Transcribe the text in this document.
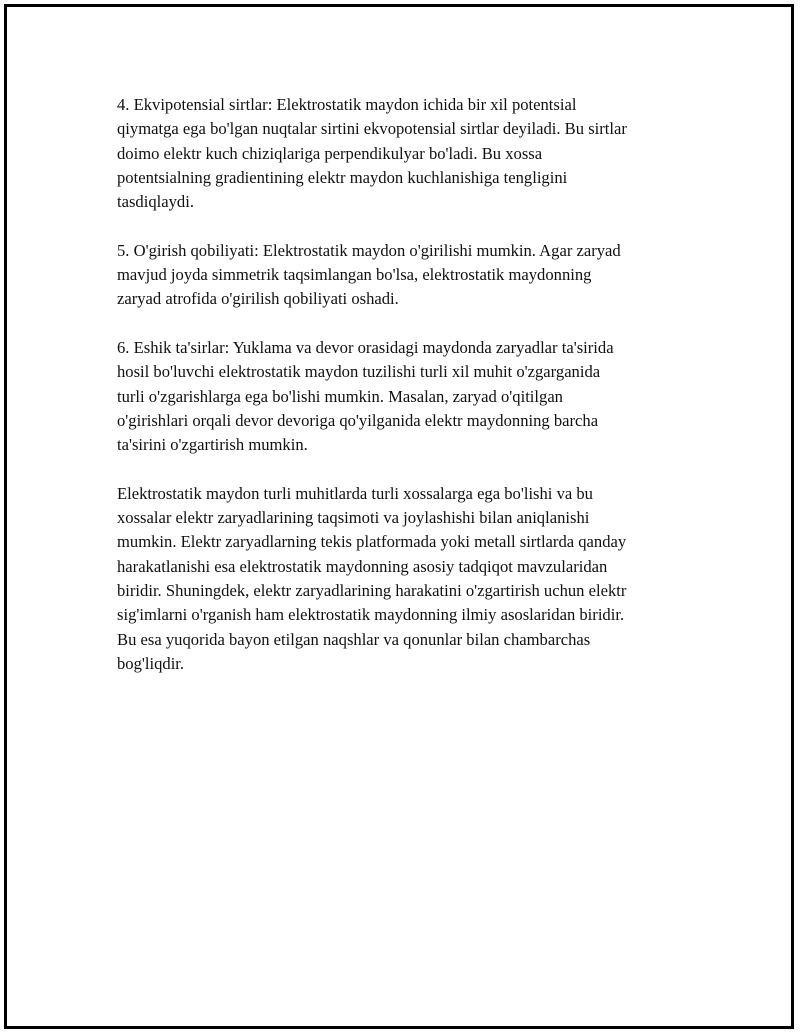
4. Ekvipotensial sirtlar: Elektrostatik maydon ichida bir xil potentsial
qiymatga ega bo'lgan nuqtalar sirtini ekvopotensial sirtlar deyiladi. Bu sirtlar
doimo elektr kuch chiziqlariga perpendikulyar bo'ladi. Bu xossa
potentsialning gradientining elektr maydon kuchlanishiga tengligini
tasdiqlaydi.

5. O'girish qobiliyati: Elektrostatik maydon o'girilishi mumkin. Agar zaryad
mavjud joyda simmetrik taqsimlangan bo'lsa, elektrostatik maydonning
zaryad atrofida o'girilish qobiliyati oshadi.

6. Eshik ta'sirlar: Yuklama va devor orasidagi maydonda zaryadlar ta'sirida
hosil bo'luvchi elektrostatik maydon tuzilishi turli xil muhit o'zgarganida
turli o'zgarishlarga ega bo'lishi mumkin. Masalan, zaryad o'qitilgan
o'girishlari orqali devor devoriga qo'yilganida elektr maydonning barcha
ta'sirini o'zgartirish mumkin.

Elektrostatik maydon turli muhitlarda turli xossalarga ega bo'lishi va bu
xossalar elektr zaryadlarining taqsimoti va joylashishi bilan aniqlanishi
mumkin. Elektr zaryadlarning tekis platformada yoki metall sirtlarda qanday
harakatlanishi esa elektrostatik maydonning asosiy tadqiqot mavzularidan
biridir. Shuningdek, elektr zaryadlarining harakatini o'zgartirish uchun elektr
sig'imlarni o'rganish ham elektrostatik maydonning ilmiy asoslaridan biridir.
Bu esa yuqorida bayon etilgan naqshlar va qonunlar bilan chambarchas
bog'liqdir.
